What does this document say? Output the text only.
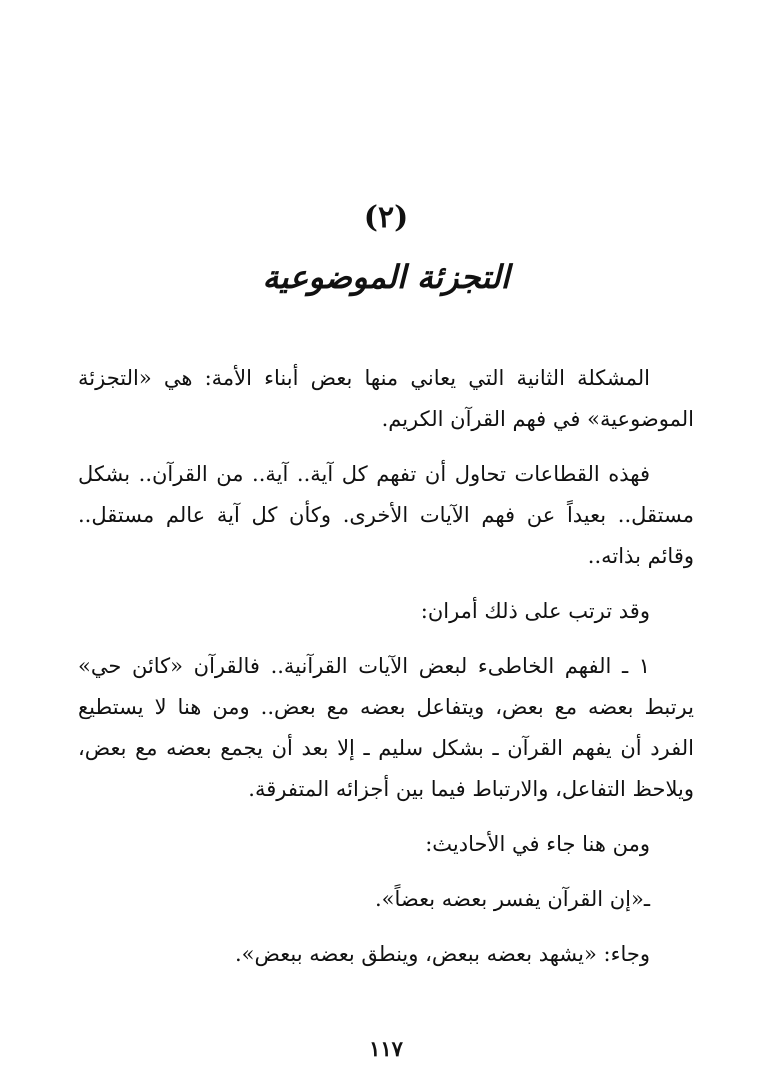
(٢)
التجزئة الموضوعية

المشكلة الثانية التي يعاني منها بعض أبناء الأمة: هي «التجزئة الموضوعية» في فهم القرآن الكريم.

فهذه القطاعات تحاول أن تفهم كل آية.. آية.. من القرآن.. بشكل مستقل.. بعيداً عن فهم الآيات الأخرى. وكأن كل آية عالم مستقل.. وقائم بذاته..

وقد ترتب على ذلك أمران:

١ ـ الفهم الخاطىء لبعض الآيات القرآنية.. فالقرآن «كائن حي» يرتبط بعضه مع بعض، ويتفاعل بعضه مع بعض.. ومن هنا لا يستطيع الفرد أن يفهم القرآن ـ بشكل سليم ـ إلا بعد أن يجمع بعضه مع بعض، ويلاحظ التفاعل، والارتباط فيما بين أجزائه المتفرقة.

ومن هنا جاء في الأحاديث:

ـ«إن القرآن يفسر بعضه بعضاً».

وجاء: «يشهد بعضه ببعض، وينطق بعضه ببعض».

١١٧
